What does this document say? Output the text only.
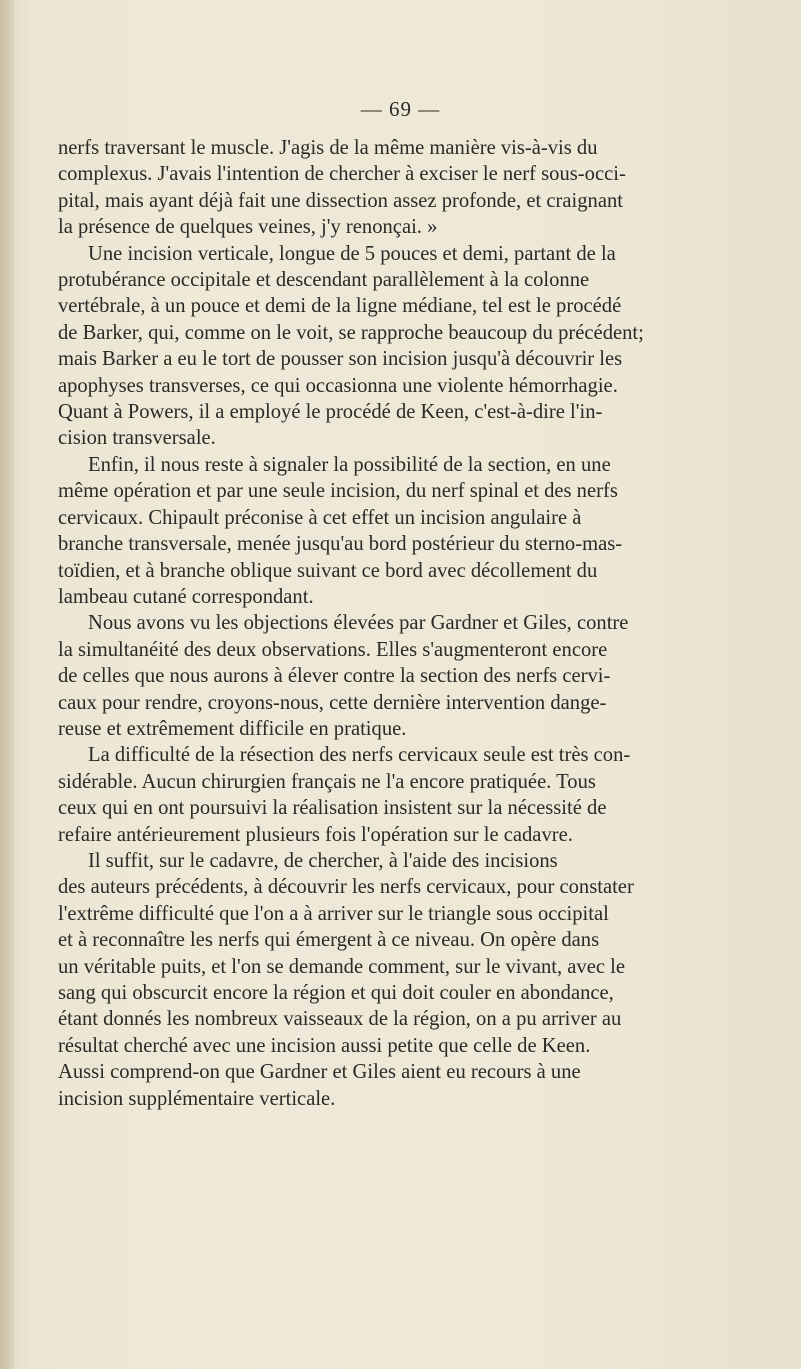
— 69 —
nerfs traversant le muscle. J'agis de la même manière vis-à-vis du
complexus. J'avais l'intention de chercher à exciser le nerf sous-occi-
pital, mais ayant déjà fait une dissection assez profonde, et craignant
la présence de quelques veines, j'y renonçai. »
Une incision verticale, longue de 5 pouces et demi, partant de la
protubérance occipitale et descendant parallèlement à la colonne
vertébrale, à un pouce et demi de la ligne médiane, tel est le procédé
de Barker, qui, comme on le voit, se rapproche beaucoup du précédent;
mais Barker a eu le tort de pousser son incision jusqu'à découvrir les
apophyses transverses, ce qui occasionna une violente hémorrhagie.
Quant à Powers, il a employé le procédé de Keen, c'est-à-dire l'in-
cision transversale.
Enfin, il nous reste à signaler la possibilité de la section, en une
même opération et par une seule incision, du nerf spinal et des nerfs
cervicaux. Chipault préconise à cet effet un incision angulaire à
branche transversale, menée jusqu'au bord postérieur du sterno-mas-
toïdien, et à branche oblique suivant ce bord avec décollement du
lambeau cutané correspondant.
Nous avons vu les objections élevées par Gardner et Giles, contre
la simultanéité des deux observations. Elles s'augmenteront encore
de celles que nous aurons à élever contre la section des nerfs cervi-
caux pour rendre, croyons-nous, cette dernière intervention dange-
reuse et extrêmement difficile en pratique.
La difficulté de la résection des nerfs cervicaux seule est très con-
sidérable. Aucun chirurgien français ne l'a encore pratiquée. Tous
ceux qui en ont poursuivi la réalisation insistent sur la nécessité de
refaire antérieurement plusieurs fois l'opération sur le cadavre.
Il suffit, sur le cadavre, de chercher, à l'aide des incisions
des auteurs précédents, à découvrir les nerfs cervicaux, pour constater
l'extrême difficulté que l'on a à arriver sur le triangle sous occipital
et à reconnaître les nerfs qui émergent à ce niveau. On opère dans
un véritable puits, et l'on se demande comment, sur le vivant, avec le
sang qui obscurcit encore la région et qui doit couler en abondance,
étant donnés les nombreux vaisseaux de la région, on a pu arriver au
résultat cherché avec une incision aussi petite que celle de Keen.
Aussi comprend-on que Gardner et Giles aient eu recours à une
incision supplémentaire verticale.
